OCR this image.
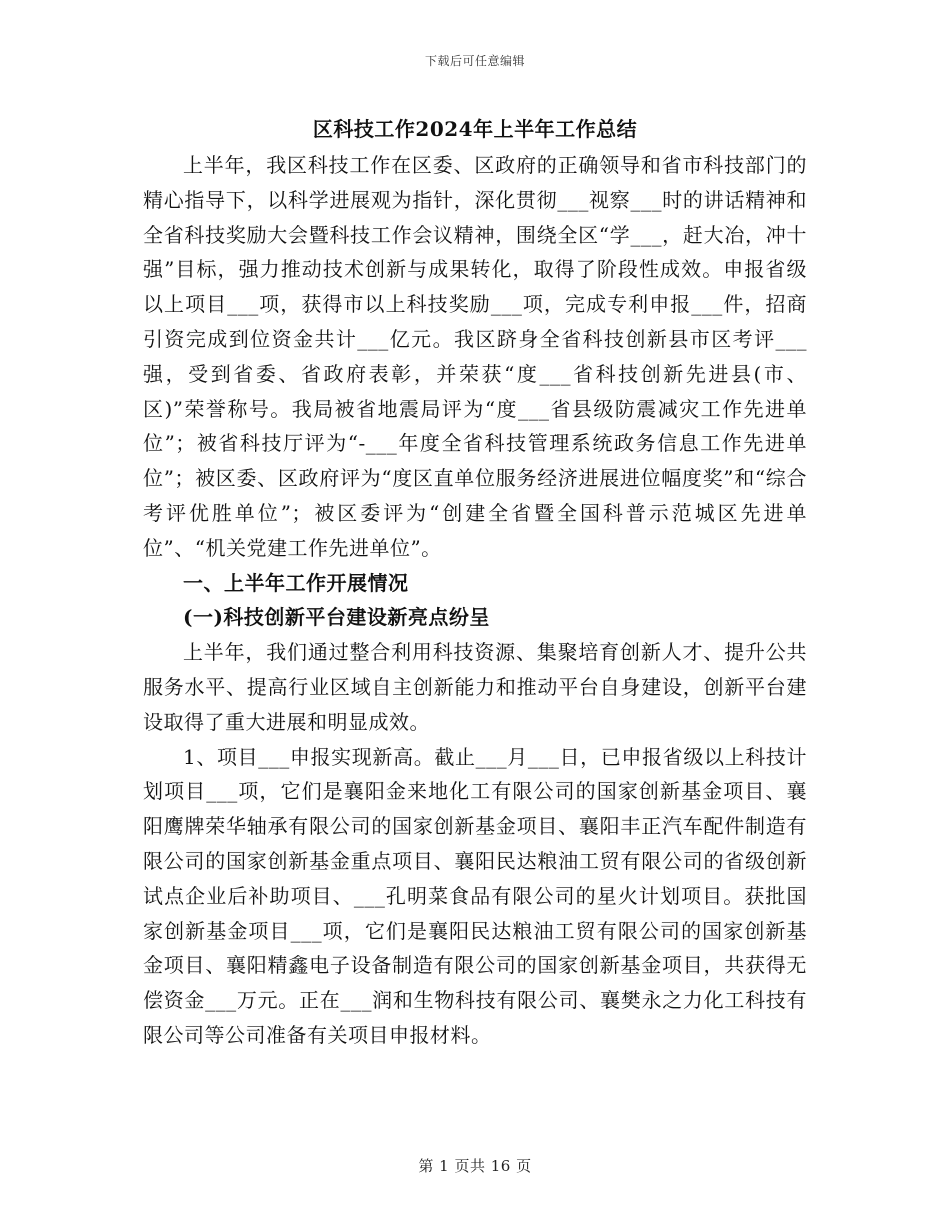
下载后可任意编辑
区科技工作2024年上半年工作总结

上半年，我区科技工作在区委、区政府的正确领导和省市科技部门的精心指导下，以科学进展观为指针，深化贯彻___视察___时的讲话精神和全省科技奖励大会暨科技工作会议精神，围绕全区“学___，赶大冶，冲十强”目标，强力推动技术创新与成果转化，取得了阶段性成效。申报省级以上项目___项，获得市以上科技奖励___项，完成专利申报___件，招商引资完成到位资金共计___亿元。我区跻身全省科技创新县市区考评___强，受到省委、省政府表彰，并荣获“度___省科技创新先进县(市、区)”荣誉称号。我局被省地震局评为“度___省县级防震减灾工作先进单位”；被省科技厅评为“-___年度全省科技管理系统政务信息工作先进单位”；被区委、区政府评为“度区直单位服务经济进展进位幅度奖”和“综合考评优胜单位”；被区委评为“创建全省暨全国科普示范城区先进单位”、“机关党建工作先进单位”。

一、上半年工作开展情况

(一)科技创新平台建设新亮点纷呈

上半年，我们通过整合利用科技资源、集聚培育创新人才、提升公共服务水平、提高行业区域自主创新能力和推动平台自身建设，创新平台建设取得了重大进展和明显成效。

1、项目___申报实现新高。截止___月___日，已申报省级以上科技计划项目___项，它们是襄阳金来地化工有限公司的国家创新基金项目、襄阳鹰牌荣华轴承有限公司的国家创新基金项目、襄阳丰正汽车配件制造有限公司的国家创新基金重点项目、襄阳民达粮油工贸有限公司的省级创新试点企业后补助项目、___孔明菜食品有限公司的星火计划项目。获批国家创新基金项目___项，它们是襄阳民达粮油工贸有限公司的国家创新基金项目、襄阳精鑫电子设备制造有限公司的国家创新基金项目，共获得无偿资金___万元。正在___润和生物科技有限公司、襄樊永之力化工科技有限公司等公司准备有关项目申报材料。

第 1 页共 16 页
